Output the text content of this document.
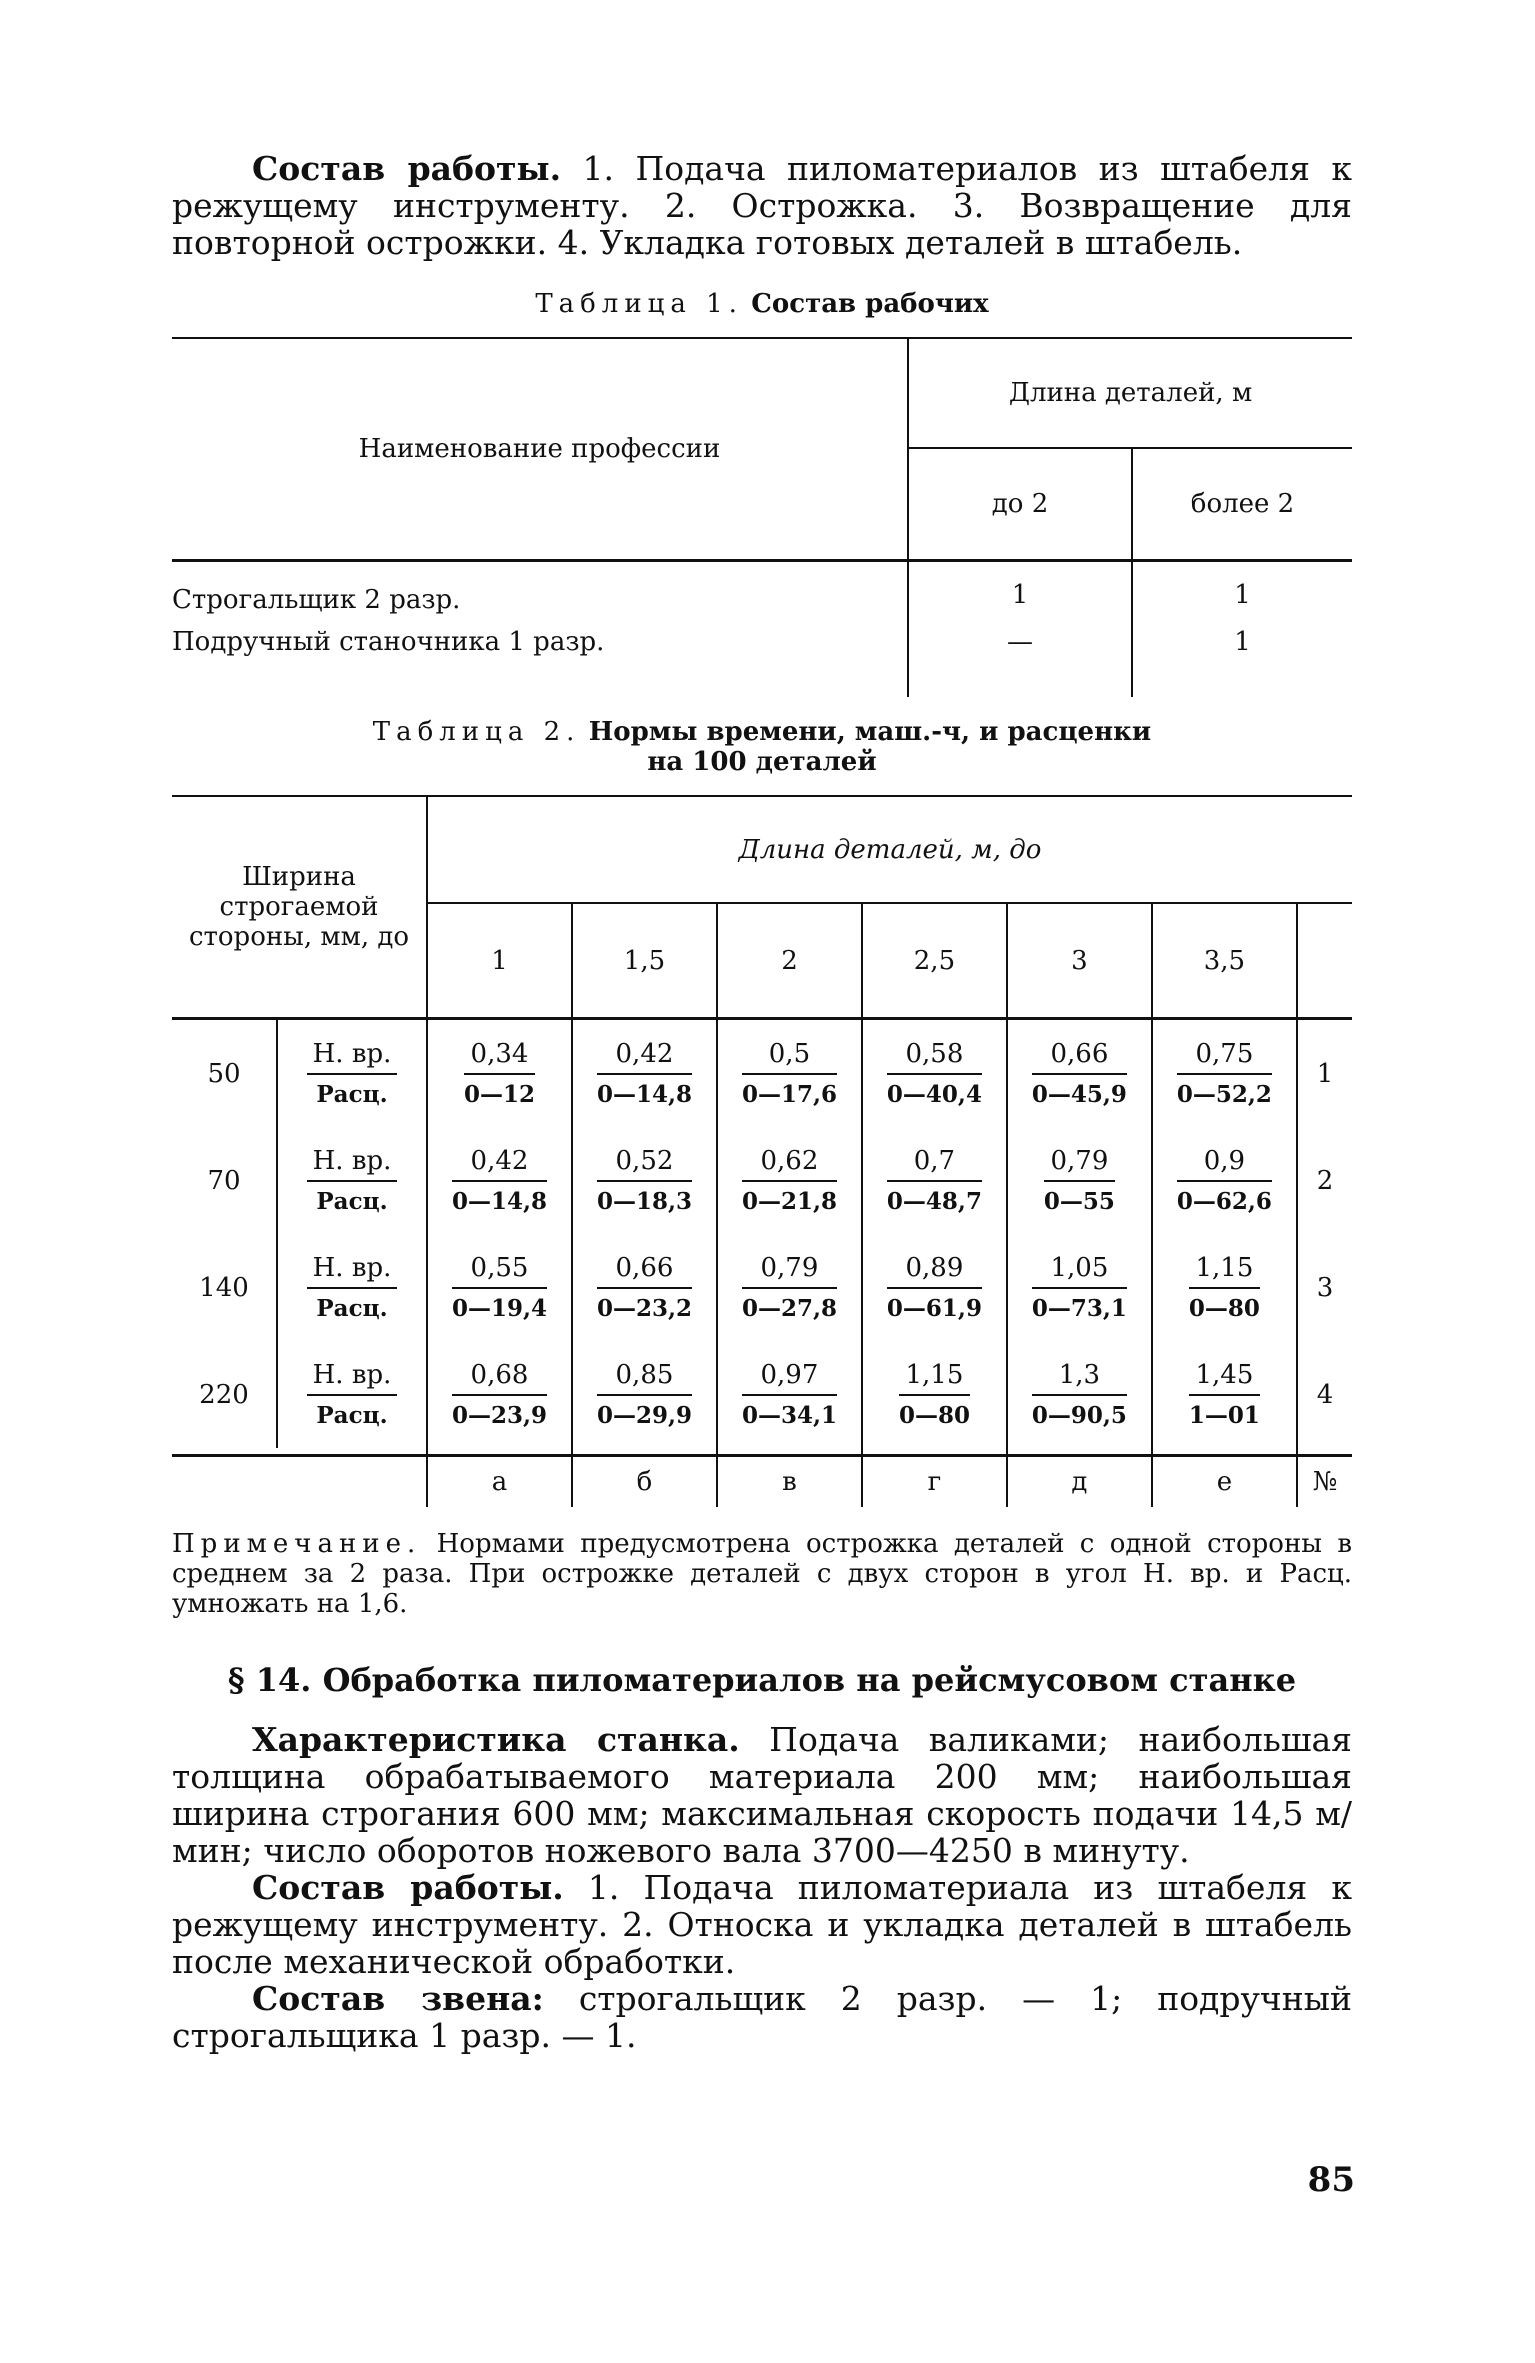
Состав работы. 1. Подача пиломатериалов из штабеля к режущему инструменту. 2. Острожка. 3. Возвращение для повторной острожки. 4. Укладка готовых деталей в штабель.

Таблица 1. Состав рабочих
Наименование профессии	Длина деталей, м	
	до 2	более 2
Строгальщик 2 разр.	1	1
Подручный станочника 1 разр.	—	1
Таблица 2. Нормы времени, маш.-ч, и расценки
на 100 деталей
Ширина строгаемой стороны, мм, до		Длина деталей, м, до						
		1	1,5	2	2,5	3	3,5	
50	$\frac{Н. вр.}{\text{Расц.}}$	$\frac{0,34}{0—12}$	$\frac{0,42}{0—14,8}$	$\frac{0,5}{0—17,6}$	$\frac{0,58}{0—40,4}$	$\frac{0,66}{0—45,9}$	$\frac{0,75}{0—52,2}$	1
70	$\frac{Н. вр.}{\text{Расц.}}$	$\frac{0,42}{0—14,8}$	$\frac{0,52}{0—18,3}$	$\frac{0,62}{0—21,8}$	$\frac{0,7}{0—48,7}$	$\frac{0,79}{0—55}$	$\frac{0,9}{0—62,6}$	2
140	$\frac{Н. вр.}{\text{Расц.}}$	$\frac{0,55}{0—19,4}$	$\frac{0,66}{0—23,2}$	$\frac{0,79}{0—27,8}$	$\frac{0,89}{0—61,9}$	$\frac{1,05}{0—73,1}$	$\frac{1,15}{0—80}$	3
220	$\frac{Н. вр.}{\text{Расц.}}$	$\frac{0,68}{0—23,9}$	$\frac{0,85}{0—29,9}$	$\frac{0,97}{0—34,1}$	$\frac{1,15}{0—80}$	$\frac{1,3}{0—90,5}$	$\frac{1,45}{1—01}$	4

		а	б	в	г	д	е	№
Примечание. Нормами предусмотрена острожка деталей с одной стороны в среднем за 2 раза. При острожке деталей с двух сторон в угол Н. вр. и Расц. умножать на 1,6.
§ 14. Обработка пиломатериалов на рейсмусовом станке

Характеристика станка. Подача валиками; наибольшая толщина обрабатываемого материала 200 мм; наибольшая ширина строгания 600 мм; максимальная скорость подачи 14,5 м/мин; число оборотов ножевого вала 3700—4250 в минуту.

Состав работы. 1. Подача пиломатериала из штабеля к режущему инструменту. 2. Относка и укладка деталей в штабель после механической обработки.

Состав звена: строгальщик 2 разр. — 1; подручный строгальщика 1 разр. — 1.

85
